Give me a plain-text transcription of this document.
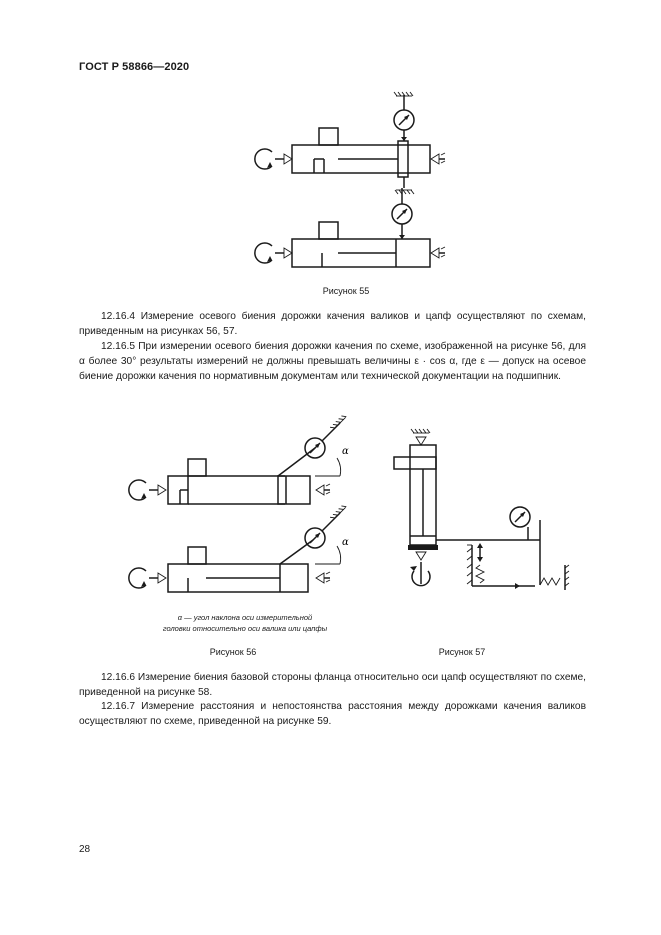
ГОСТ Р 58866—2020
α
α
Рисунок 55

12.16.4 Измерение осевого биения дорожки качения валиков и цапф осуществляют по схемам, приведенным на рисунках 56, 57.

12.16.5 При измерении осевого биения дорожки качения по схеме, изображенной на рисунке 56, для α более 30° результаты измерений не должны превышать величины ε · cos α, где ε — допуск на осевое биение дорожки качения по нормативным документам или технической документации на подшипник.

α — угол наклона оси измерительной
головки относительно оси валика или цапфы
Рисунок 56	Рисунок 57

12.16.6 Измерение биения базовой стороны фланца относительно оси цапф осуществляют по схеме, приведенной на рисунке 58.

12.16.7 Измерение расстояния и непостоянства расстояния между дорожками качения валиков осуществляют по схеме, приведенной на рисунке 59.

28
